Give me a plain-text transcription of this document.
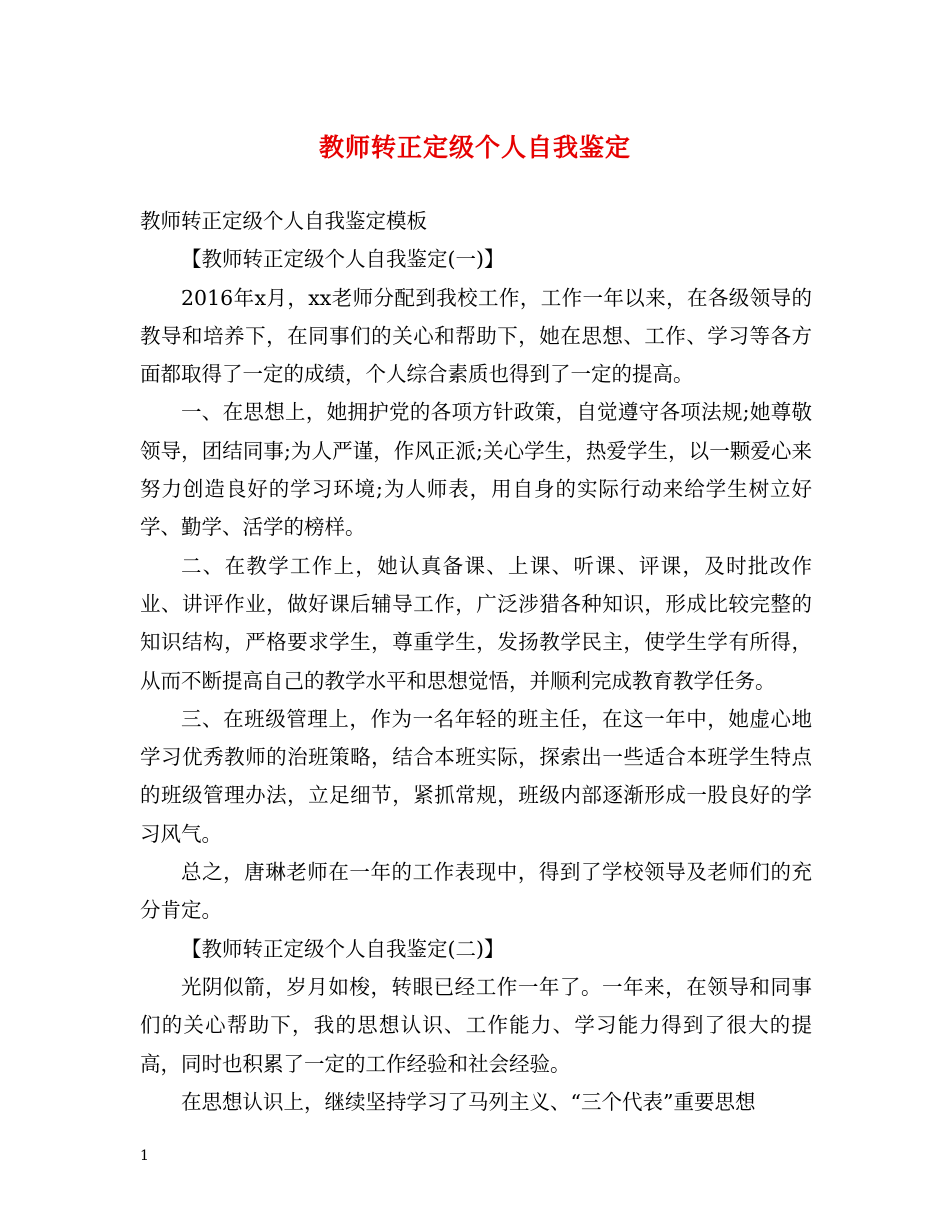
教师转正定级个人自我鉴定

教师转正定级个人自我鉴定模板

【教师转正定级个人自我鉴定(一)】

2016年x月，xx老师分配到我校工作，工作一年以来，在各级领导的教导和培养下，在同事们的关心和帮助下，她在思想、工作、学习等各方面都取得了一定的成绩，个人综合素质也得到了一定的提高。

一、在思想上，她拥护党的各项方针政策，自觉遵守各项法规;她尊敬领导，团结同事;为人严谨，作风正派;关心学生，热爱学生，以一颗爱心来努力创造良好的学习环境;为人师表，用自身的实际行动来给学生树立好学、勤学、活学的榜样。

二、在教学工作上，她认真备课、上课、听课、评课，及时批改作业、讲评作业，做好课后辅导工作，广泛涉猎各种知识，形成比较完整的知识结构，严格要求学生，尊重学生，发扬教学民主，使学生学有所得，从而不断提高自己的教学水平和思想觉悟，并顺利完成教育教学任务。

三、在班级管理上，作为一名年轻的班主任，在这一年中，她虚心地学习优秀教师的治班策略，结合本班实际，探索出一些适合本班学生特点的班级管理办法，立足细节，紧抓常规，班级内部逐渐形成一股良好的学习风气。

总之，唐琳老师在一年的工作表现中，得到了学校领导及老师们的充分肯定。

【教师转正定级个人自我鉴定(二)】

光阴似箭，岁月如梭，转眼已经工作一年了。一年来，在领导和同事们的关心帮助下，我的思想认识、工作能力、学习能力得到了很大的提高，同时也积累了一定的工作经验和社会经验。

在思想认识上，继续坚持学习了马列主义、“三个代表”重要思想

1
